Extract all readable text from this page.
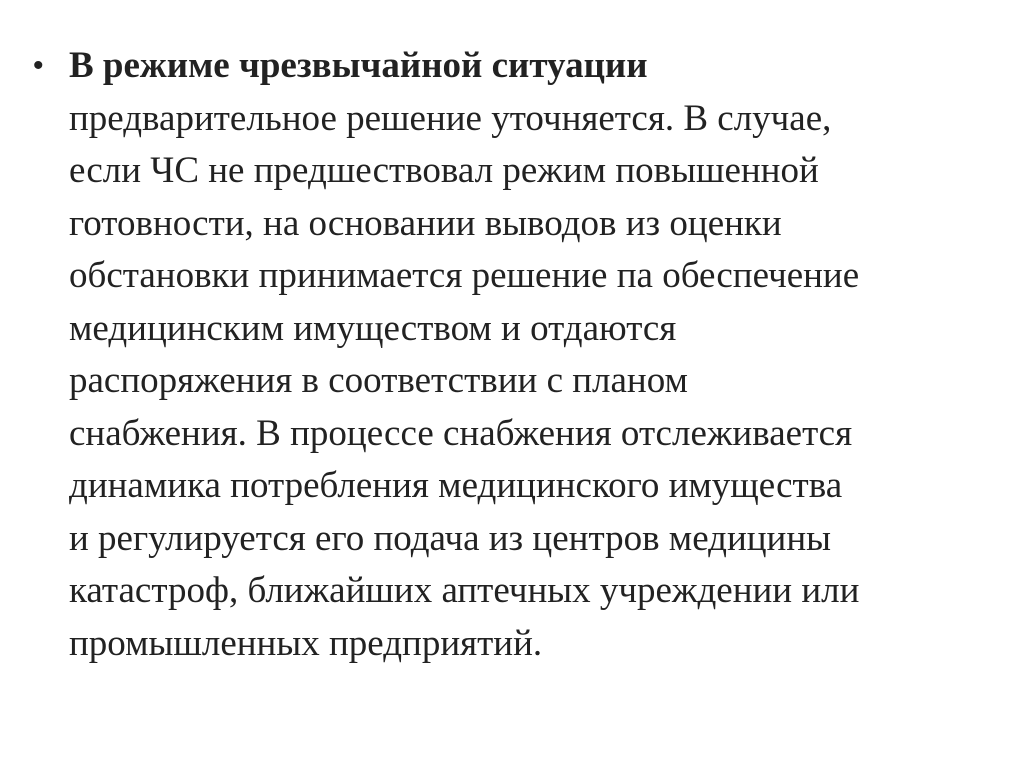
• В режиме чрезвычайной ситуации
предварительное решение уточняется. В случае,
если ЧС не предшествовал режим повышенной
готовности, на основании выводов из оценки
обстановки принимается решение па обеспечение
медицинским имуществом и отдаются
распоряжения в соответствии с планом
снабжения. В процессе снабжения отслеживается
динамика потребления медицинского имущества
и регулируется его подача из центров медицины
катастроф, ближайших аптечных учреждении или
промышленных предприятий.
